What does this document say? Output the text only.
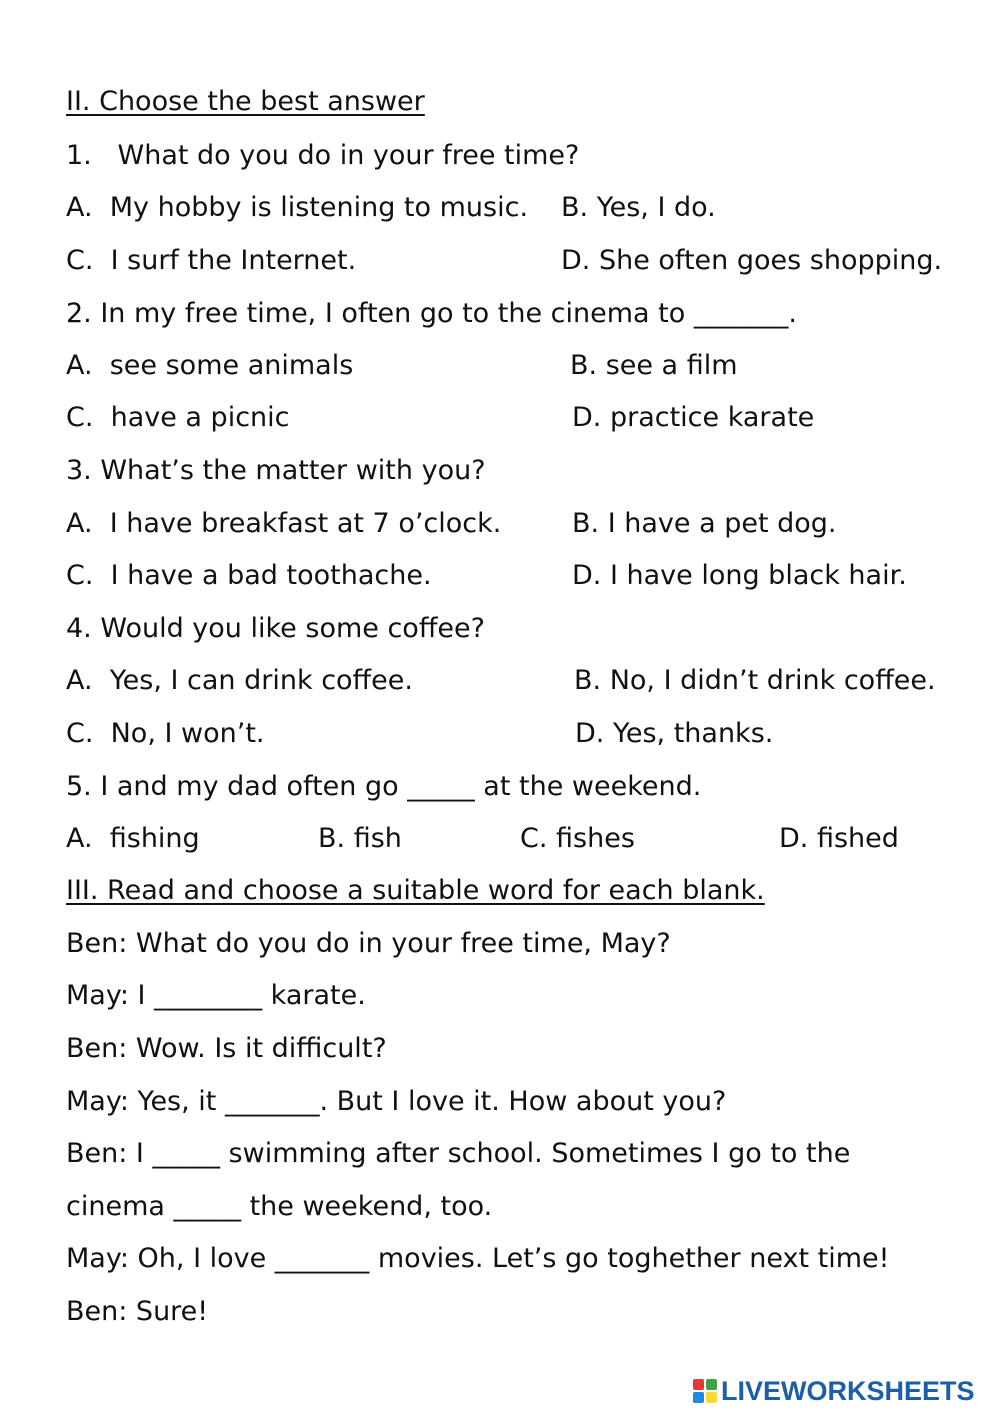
II. Choose the best answer
1.   What do you do in your free time?
A.  My hobby is listening to music. B. Yes, I do.
C.  I surf the Internet.	D. She often goes shopping.
2. In my free time, I often go to the cinema to _______.
A.  see some animals	B. see a film
C.  have a picnic	D. practice karate
3. What’s the matter with you?
A.  I have breakfast at 7 o’clock.	B. I have a pet dog.
C.  I have a bad toothache.	D. I have long black hair.
4. Would you like some coffee?
A.  Yes, I can drink coffee.	B. No, I didn’t drink coffee.
C.  No, I won’t.	D. Yes, thanks.
5. I and my dad often go _____ at the weekend.
A.  fishing	B. fish	C. fishes	D. fished
III. Read and choose a suitable word for each blank.
Ben: What do you do in your free time, May?
May: I ________ karate.
Ben: Wow. Is it difficult?
May: Yes, it _______. But I love it. How about you?
Ben: I _____ swimming after school. Sometimes I go to the
cinema _____ the weekend, too.
May: Oh, I love _______ movies. Let’s go toghether next time!
Ben: Sure!
LIVEWORKSHEETS
